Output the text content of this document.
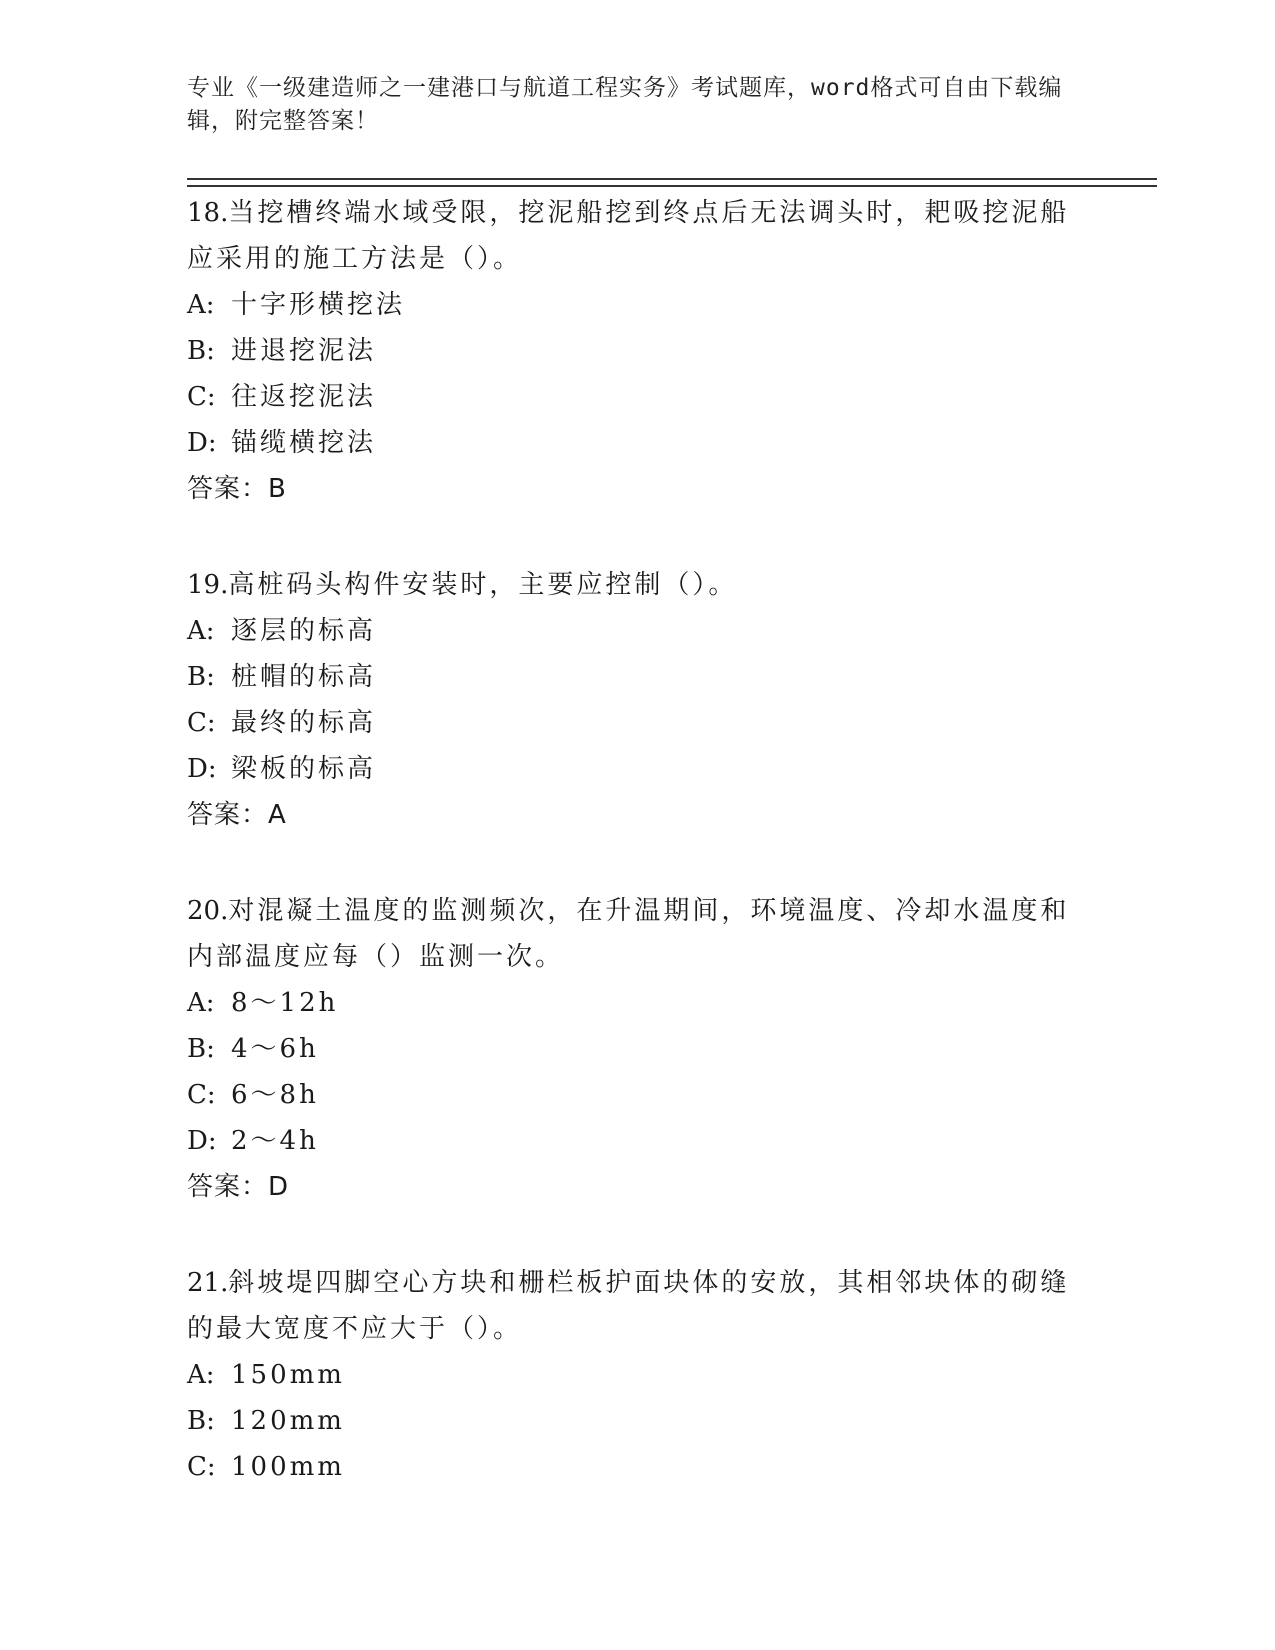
专业《一级建造师之一建港口与航道工程实务》考试题库，word格式可自由下载编辑，附完整答案！

18.当挖槽终端水域受限，挖泥船挖到终点后无法调头时，耙吸挖泥船应采用的施工方法是（）。

A: 十字形横挖法

B: 进退挖泥法

C: 往返挖泥法

D: 锚缆横挖法

答案：B

19.高桩码头构件安装时，主要应控制（）。

A: 逐层的标高

B: 桩帽的标高

C: 最终的标高

D: 梁板的标高

答案：A

20.对混凝土温度的监测频次，在升温期间，环境温度、冷却水温度和内部温度应每（）监测一次。

A: 8～12h

B: 4～6h

C: 6～8h

D: 2～4h

答案：D

21.斜坡堤四脚空心方块和栅栏板护面块体的安放，其相邻块体的砌缝的最大宽度不应大于（）。

A: 150mm

B: 120mm

C: 100mm
